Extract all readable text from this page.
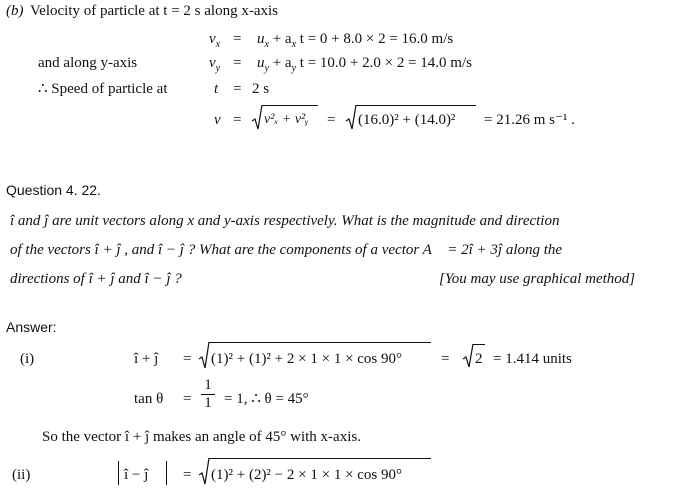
(b) Velocity of particle at t = 2 s along x-axis
$v_x = u_x + a_x$ t = 0 + 8.0 × 2 = 16.0 m/s
and along y-axis	$v_y = u_y + a_y$ t = 10.0 + 2.0 × 2 = 14.0 m/s
∴ Speed of particle at	t = 2 s
v = v²ₓ + v²ᵧ = (16.0)² + (14.0)² = 21.26 m s⁻¹ .
Question 4. 22.
î and ĵ are unit vectors along x and y-axis respectively. What is the magnitude and direction
of the vectors î + ĵ , and î − ĵ ? What are the components of a vector A⃗ = 2î + 3ĵ along the
directions of î + ĵ and î − ĵ ?	[You may use graphical method]
Answer:
(i)	î + ĵ = (1)² + (1)² + 2 × 1 × 1 × cos 90°	= 2 = 1.414 units
$\tan \theta = \frac{1}{1} = 1$, ∴ θ = 45°
So the vector î + ĵ makes an angle of 45° with x-axis.
(ii)	î − ĵ = (1)² + (2)² − 2 × 1 × 1 × cos 90°
